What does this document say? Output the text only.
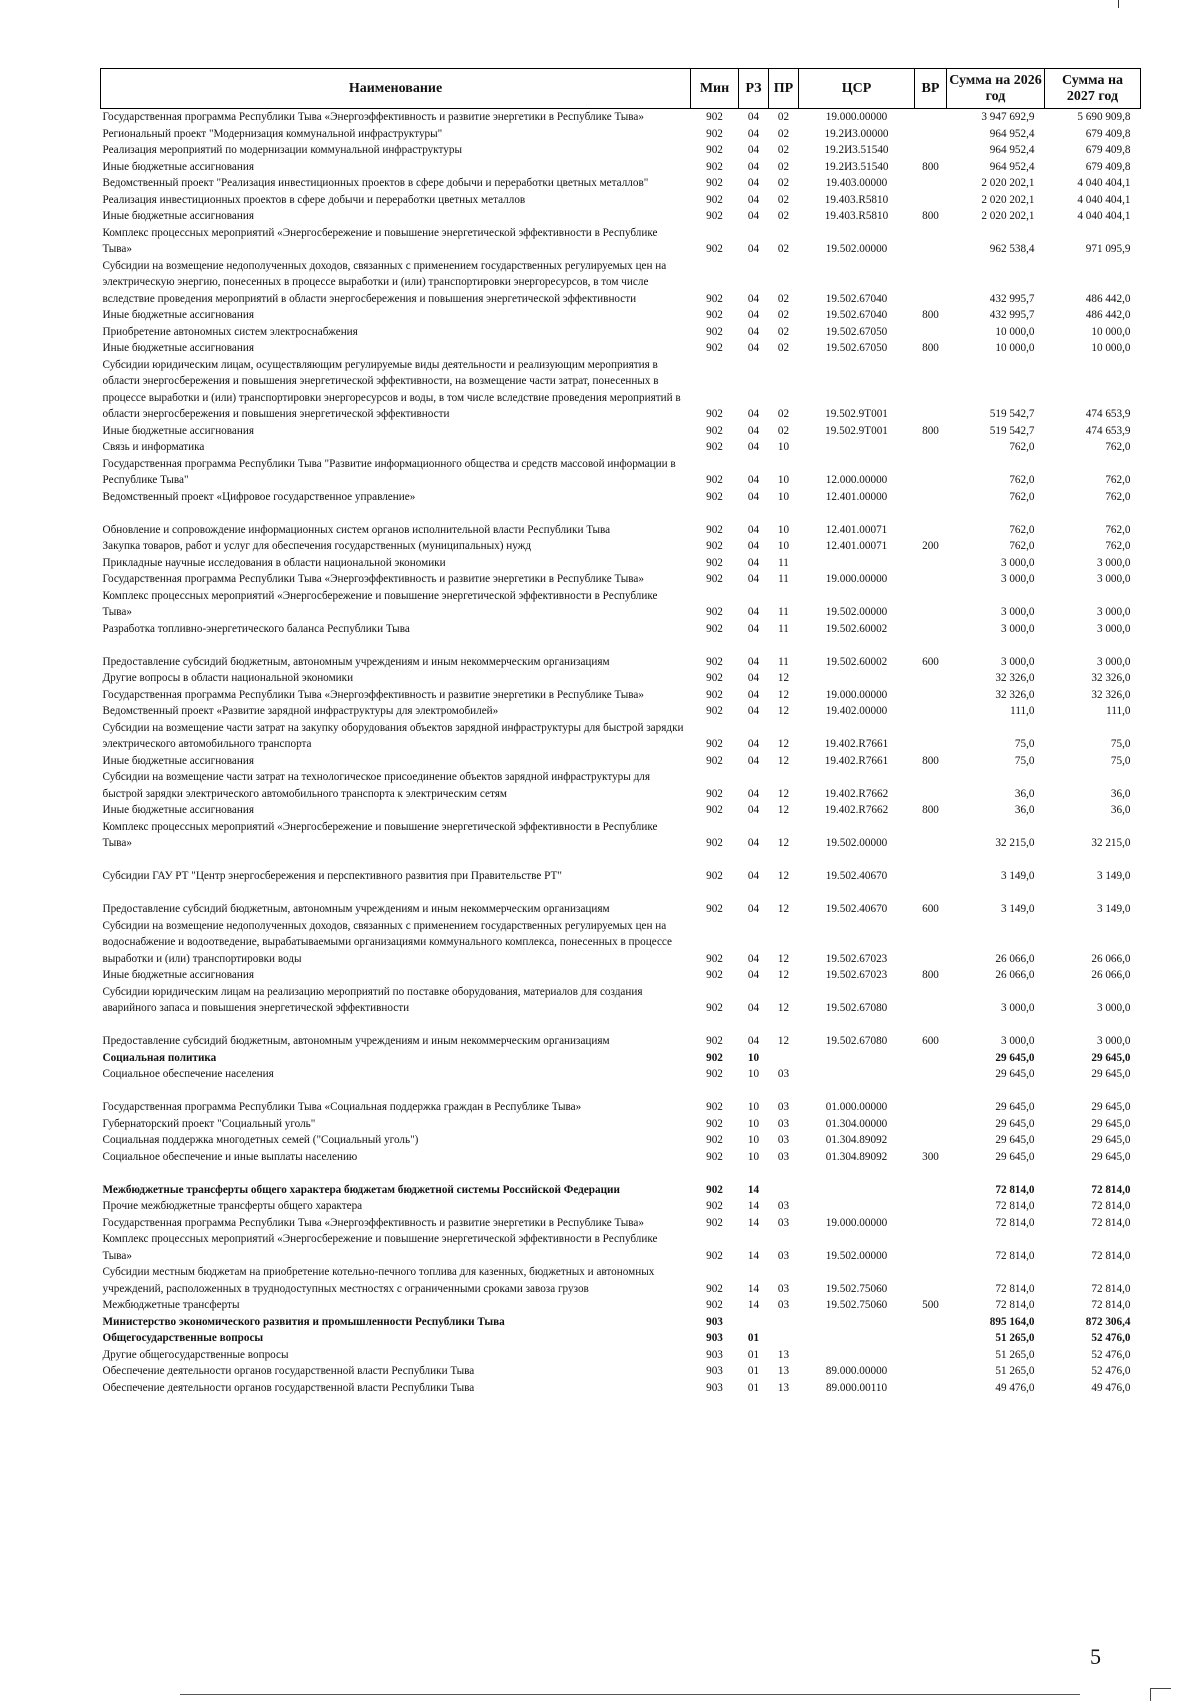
Наименование	Мин	РЗ	ПР	ЦСР	ВР	Сумма на 2026 год	Сумма на 2027 год
Государственная программа Республики Тыва «Энергоэффективность и развитие энергетики в Республике Тыва»	902	04	02	19.000.00000		3 947 692,9	5 690 909,8
Региональный проект "Модернизация коммунальной инфраструктуры"	902	04	02	19.2И3.00000		964 952,4	679 409,8
Реализация мероприятий по модернизации коммунальной инфраструктуры	902	04	02	19.2И3.51540		964 952,4	679 409,8
Иные бюджетные ассигнования	902	04	02	19.2И3.51540	800	964 952,4	679 409,8
Ведомственный проект "Реализация инвестиционных проектов в сфере добычи и переработки цветных металлов"	902	04	02	19.403.00000		2 020 202,1	4 040 404,1
Реализация инвестиционных проектов в сфере добычи и переработки цветных металлов	902	04	02	19.403.R5810		2 020 202,1	4 040 404,1
Иные бюджетные ассигнования	902	04	02	19.403.R5810	800	2 020 202,1	4 040 404,1
Комплекс процессных мероприятий «Энергосбережение и повышение энергетической эффективности в Республике Тыва»	902	04	02	19.502.00000		962 538,4	971 095,9
Субсидии на возмещение недополученных доходов, связанных с применением государственных регулируемых цен на электрическую энергию, понесенных в процессе выработки и (или) транспортировки энергоресурсов, в том числе вследствие проведения мероприятий в области энергосбережения и повышения энергетической эффективности	902	04	02	19.502.67040		432 995,7	486 442,0
Иные бюджетные ассигнования	902	04	02	19.502.67040	800	432 995,7	486 442,0
Приобретение автономных систем электроснабжения	902	04	02	19.502.67050		10 000,0	10 000,0
Иные бюджетные ассигнования	902	04	02	19.502.67050	800	10 000,0	10 000,0
Субсидии юридическим лицам, осуществляющим регулируемые виды деятельности и реализующим мероприятия в области энергосбережения и повышения энергетической эффективности, на возмещение части затрат, понесенных в процессе выработки и (или) транспортировки энергоресурсов и воды, в том числе вследствие проведения мероприятий в области энергосбережения и повышения энергетической эффективности	902	04	02	19.502.9T001		519 542,7	474 653,9
Иные бюджетные ассигнования	902	04	02	19.502.9T001	800	519 542,7	474 653,9
Связь и информатика	902	04	10			762,0	762,0
Государственная программа Республики Тыва "Развитие информационного общества и средств массовой информации в Республике Тыва"	902	04	10	12.000.00000		762,0	762,0
Ведомственный проект «Цифровое государственное управление»	902	04	10	12.401.00000		762,0	762,0
Обновление и сопровождение информационных систем органов исполнительной власти Республики Тыва	902	04	10	12.401.00071		762,0	762,0
Закупка товаров, работ и услуг для обеспечения государственных (муниципальных) нужд	902	04	10	12.401.00071	200	762,0	762,0
Прикладные научные исследования в области национальной экономики	902	04	11			3 000,0	3 000,0
Государственная программа Республики Тыва «Энергоэффективность и развитие энергетики в Республике Тыва»	902	04	11	19.000.00000		3 000,0	3 000,0
Комплекс процессных мероприятий «Энергосбережение и повышение энергетической эффективности в Республике Тыва»	902	04	11	19.502.00000		3 000,0	3 000,0
Разработка топливно-энергетического баланса Республики Тыва	902	04	11	19.502.60002		3 000,0	3 000,0
Предоставление субсидий бюджетным, автономным учреждениям и иным некоммерческим организациям	902	04	11	19.502.60002	600	3 000,0	3 000,0
Другие вопросы в области национальной экономики	902	04	12			32 326,0	32 326,0
Государственная программа Республики Тыва «Энергоэффективность и развитие энергетики в Республике Тыва»	902	04	12	19.000.00000		32 326,0	32 326,0
Ведомственный проект «Развитие зарядной инфраструктуры для электромобилей»	902	04	12	19.402.00000		111,0	111,0
Субсидии на возмещение части затрат на закупку оборудования объектов зарядной инфраструктуры для быстрой зарядки электрического автомобильного транспорта	902	04	12	19.402.R7661		75,0	75,0
Иные бюджетные ассигнования	902	04	12	19.402.R7661	800	75,0	75,0
Субсидии на возмещение части затрат на технологическое присоединение объектов зарядной инфраструктуры для быстрой зарядки электрического автомобильного транспорта к электрическим сетям	902	04	12	19.402.R7662		36,0	36,0
Иные бюджетные ассигнования	902	04	12	19.402.R7662	800	36,0	36,0
Комплекс процессных мероприятий «Энергосбережение и повышение энергетической эффективности в Республике Тыва»	902	04	12	19.502.00000		32 215,0	32 215,0
Субсидии ГАУ РТ "Центр энергосбережения и перспективного развития при Правительстве РТ"	902	04	12	19.502.40670		3 149,0	3 149,0
Предоставление субсидий бюджетным, автономным учреждениям и иным некоммерческим организациям	902	04	12	19.502.40670	600	3 149,0	3 149,0
Субсидии на возмещение недополученных доходов, связанных с применением государственных регулируемых цен на водоснабжение и водоотведение, вырабатываемыми организациями коммунального комплекса, понесенных в процессе выработки и (или) транспортировки воды	902	04	12	19.502.67023		26 066,0	26 066,0
Иные бюджетные ассигнования	902	04	12	19.502.67023	800	26 066,0	26 066,0
Субсидии юридическим лицам на реализацию мероприятий по поставке оборудования, материалов для создания аварийного запаса и повышения энергетической эффективности	902	04	12	19.502.67080		3 000,0	3 000,0
Предоставление субсидий бюджетным, автономным учреждениям и иным некоммерческим организациям	902	04	12	19.502.67080	600	3 000,0	3 000,0
Социальная политика	902	10				29 645,0	29 645,0
Социальное обеспечение населения	902	10	03			29 645,0	29 645,0
Государственная программа Республики Тыва «Социальная поддержка граждан в Республике Тыва»	902	10	03	01.000.00000		29 645,0	29 645,0
Губернаторский проект "Социальный уголь"	902	10	03	01.304.00000		29 645,0	29 645,0
Социальная поддержка многодетных семей ("Социальный уголь")	902	10	03	01.304.89092		29 645,0	29 645,0
Социальное обеспечение и иные выплаты населению	902	10	03	01.304.89092	300	29 645,0	29 645,0
Межбюджетные трансферты общего характера бюджетам бюджетной системы Российской Федерации	902	14				72 814,0	72 814,0
Прочие межбюджетные трансферты общего характера	902	14	03			72 814,0	72 814,0
Государственная программа Республики Тыва «Энергоэффективность и развитие энергетики в Республике Тыва»	902	14	03	19.000.00000		72 814,0	72 814,0
Комплекс процессных мероприятий «Энергосбережение и повышение энергетической эффективности в Республике Тыва»	902	14	03	19.502.00000		72 814,0	72 814,0
Субсидии местным бюджетам на приобретение котельно-печного топлива для казенных, бюджетных и автономных учреждений, расположенных в труднодоступных местностях с ограниченными сроками завоза грузов	902	14	03	19.502.75060		72 814,0	72 814,0
Межбюджетные трансферты	902	14	03	19.502.75060	500	72 814,0	72 814,0
Министерство экономического развития и промышленности Республики Тыва	903					895 164,0	872 306,4
Общегосударственные вопросы	903	01				51 265,0	52 476,0
Другие общегосударственные вопросы	903	01	13			51 265,0	52 476,0
Обеспечение деятельности органов государственной власти Республики Тыва	903	01	13	89.000.00000		51 265,0	52 476,0
Обеспечение деятельности органов государственной власти Республики Тыва	903	01	13	89.000.00110		49 476,0	49 476,0
5
